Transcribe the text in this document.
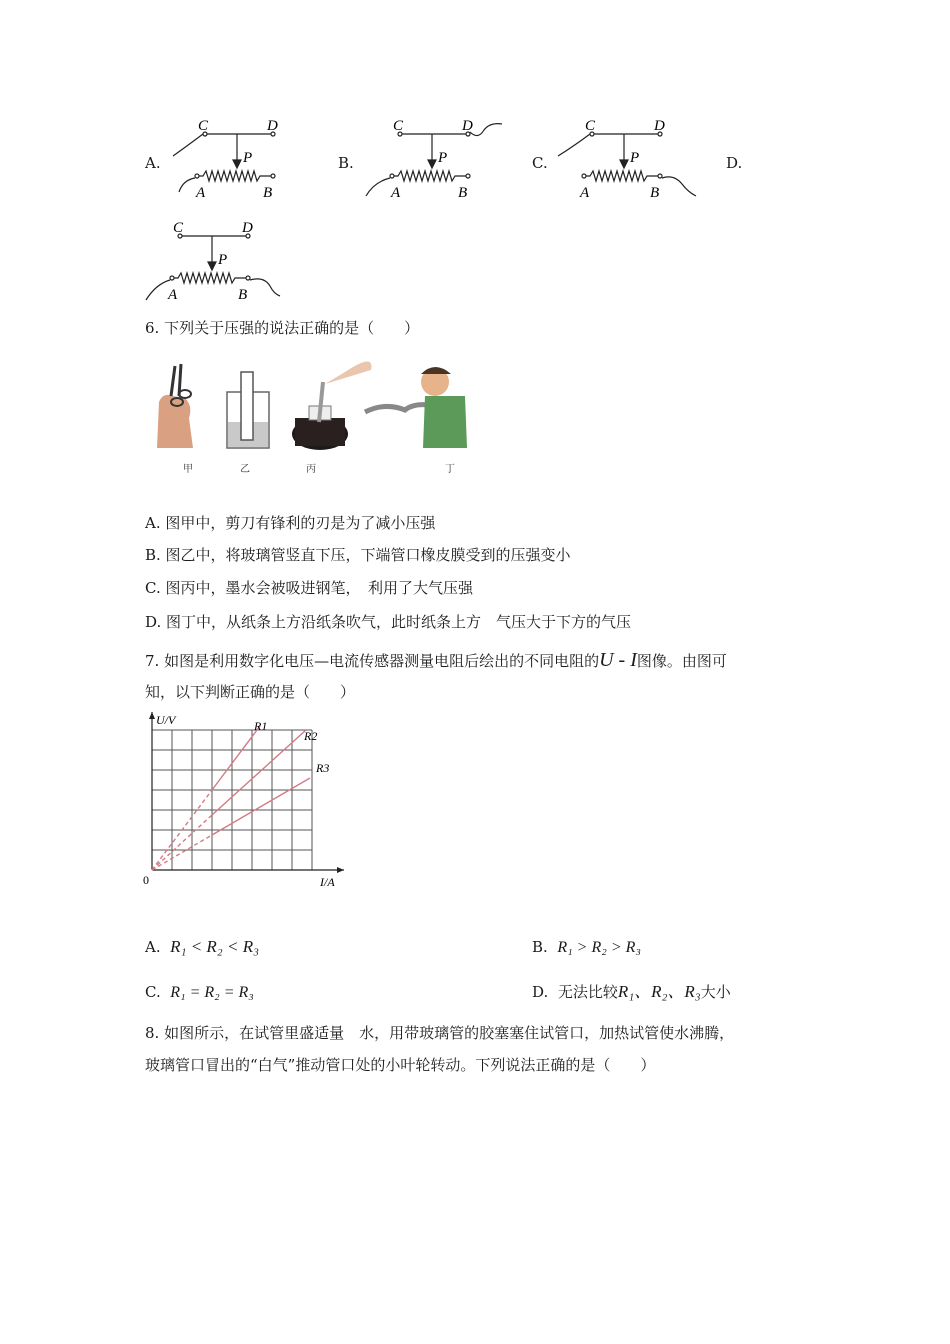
A.	B.	C.	D.
C	D
P
A	B
C	D
P
A	B
C	D
P
A	B
C	D
P
A	B
6. 下列关于压强的说法正确的是（　　）
甲	乙	丙	丁
A. 图甲中，剪刀有锋利的刃是为了减小压强
B. 图乙中，将玻璃管竖直下压，下端管口橡皮膜受到的压强变小
C. 图丙中，墨水会被吸进钢笔，　利用了大气压强
D. 图丁中，从纸条上方沿纸条吹气，此时纸条上方　气压大于下方的气压
7. 如图是利用数字化电压—电流传感器测量电阻后绘出的不同电阻的U - I图像。由图可
知，以下判断正确的是（　　）
U/V
I/A
0
R1
R2
R3
A. R₁ < R₂ < R₃	B. R₁ > R₂ > R₃
C. R₁ = R₂ = R₃	D. 无法比较R₁、R₂、R₃大小
8. 如图所示，在试管里盛适量　水，用带玻璃管的胶塞塞住试管口，加热试管使水沸腾，
玻璃管口冒出的“白气”推动管口处的小叶轮转动。下列说法正确的是（　　）
